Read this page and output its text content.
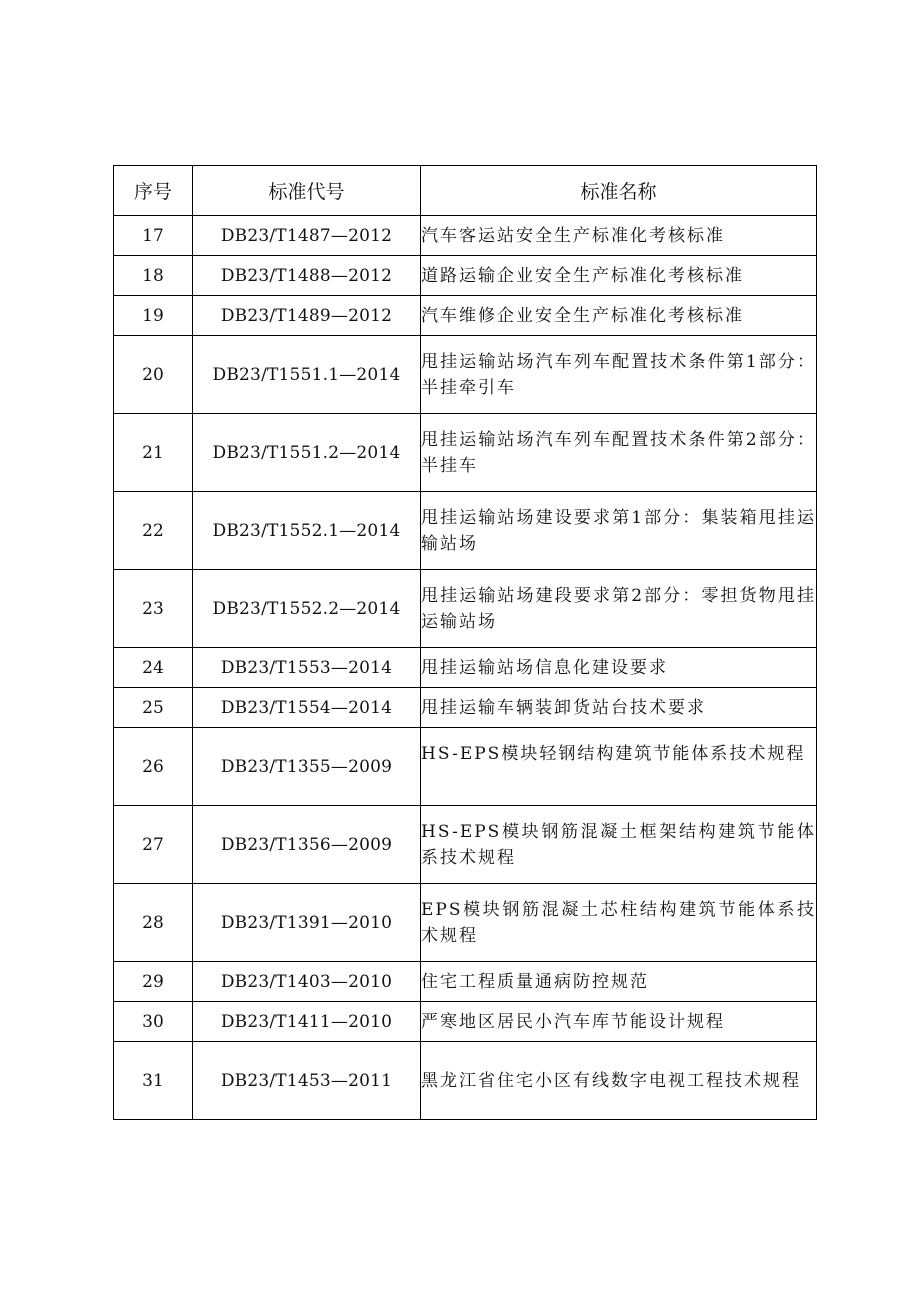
序号	标准代号	标准名称
17	DB23/T1487—2012	汽车客运站安全生产标准化考核标准

18	DB23/T1488—2012	道路运输企业安全生产标准化考核标准

19	DB23/T1489—2012	汽车维修企业安全生产标准化考核标准

20	DB23/T1551.1—2014	甩挂运输站场汽车列车配置技术条件第1部分：半挂牵引车

21	DB23/T1551.2—2014	甩挂运输站场汽车列车配置技术条件第2部分：半挂车

22	DB23/T1552.1—2014	甩挂运输站场建设要求第1部分：集装箱甩挂运输站场

23	DB23/T1552.2—2014	甩挂运输站场建段要求第2部分：零担货物甩挂运输站场

24	DB23/T1553—2014	甩挂运输站场信息化建设要求

25	DB23/T1554—2014	甩挂运输车辆装卸货站台技术要求

26	DB23/T1355—2009	HS-EPS模块轻钢结构建筑节能体系技术规程

27	DB23/T1356—2009	HS-EPS模块钢筋混凝土框架结构建筑节能体系技术规程

28	DB23/T1391—2010	EPS模块钢筋混凝土芯柱结构建筑节能体系技术规程

29	DB23/T1403—2010	住宅工程质量通病防控规范

30	DB23/T1411—2010	严寒地区居民小汽车库节能设计规程

31	DB23/T1453—2011	黑龙江省住宅小区有线数字电视工程技术规程
